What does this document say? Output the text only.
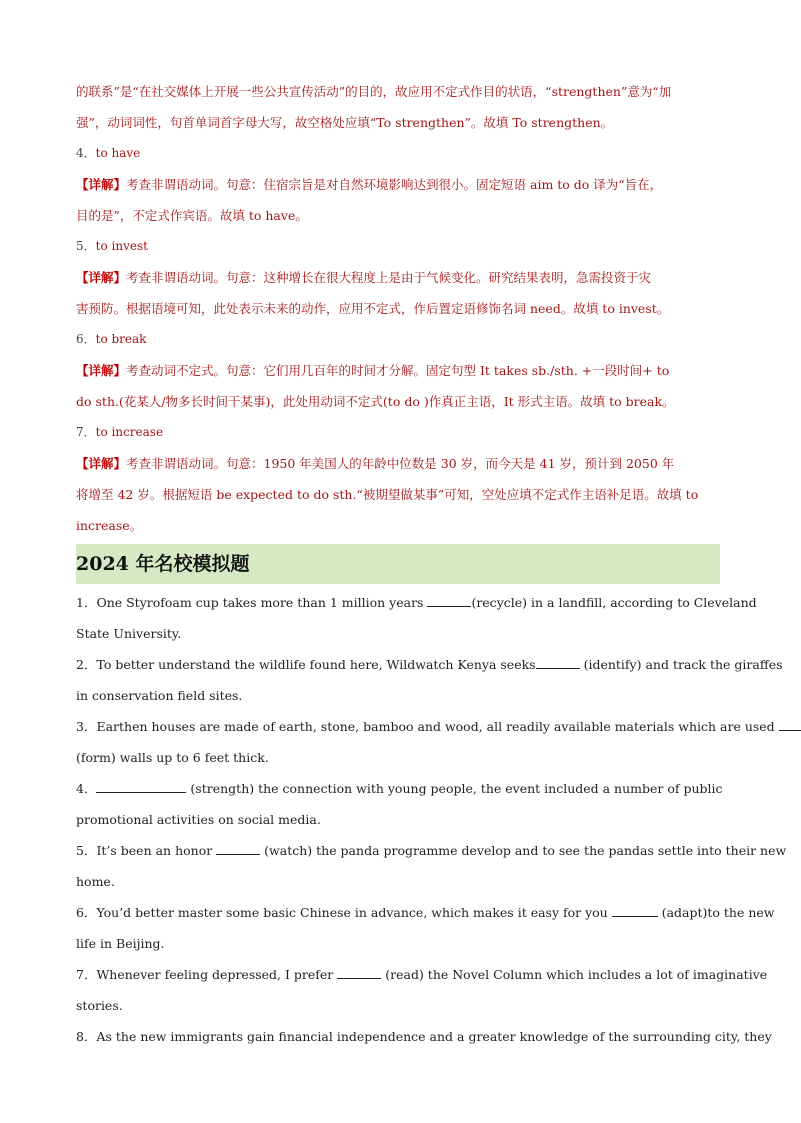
的联系”是“在社交媒体上开展一些公共宣传活动”的目的，故应用不定式作目的状语，“strengthen”意为“加
强”，动词词性，句首单词首字母大写，故空格处应填“To strengthen”。故填 To strengthen。
4．to have
【详解】考查非谓语动词。句意：住宿宗旨是对自然环境影响达到很小。固定短语 aim to do 译为“旨在，
目的是”，不定式作宾语。故填 to have。
5．to invest
【详解】考查非谓语动词。句意：这种增长在很大程度上是由于气候变化。研究结果表明，急需投资于灾
害预防。根据语境可知，此处表示未来的动作，应用不定式，作后置定语修饰名词 need。故填 to invest。
6．to break
【详解】考查动词不定式。句意：它们用几百年的时间才分解。固定句型 It takes sb./sth. +一段时间+ to
do sth.(花某人/物多长时间干某事)，此处用动词不定式(to do )作真正主语，It 形式主语。故填 to break。
7．to increase
【详解】考查非谓语动词。句意：1950 年美国人的年龄中位数是 30 岁，而今天是 41 岁，预计到 2050 年
将增至 42 岁。根据短语 be expected to do sth.“被期望做某事”可知，空处应填不定式作主语补足语。故填 to
increase。
2024 年名校模拟题
1．One Styrofoam cup takes more than 1 million years	(recycle) in a landfill, according to Cleveland
State University.
2．To better understand the wildlife found here, Wildwatch Kenya seeks	(identify) and track the giraffes
in conservation field sites.
3．Earthen houses are made of earth, stone, bamboo and wood, all readily available materials which are used
(form) walls up to 6 feet thick.
4．	(strength) the connection with young people, the event included a number of public
promotional activities on social media.
5．It’s been an honor	(watch) the panda programme develop and to see the pandas settle into their new
home.
6．You’d better master some basic Chinese in advance, which makes it easy for you	(adapt)to the new
life in Beijing.
7．Whenever feeling depressed, I prefer	(read) the Novel Column which includes a lot of imaginative
stories.
8．As the new immigrants gain financial independence and a greater knowledge of the surrounding city, they
